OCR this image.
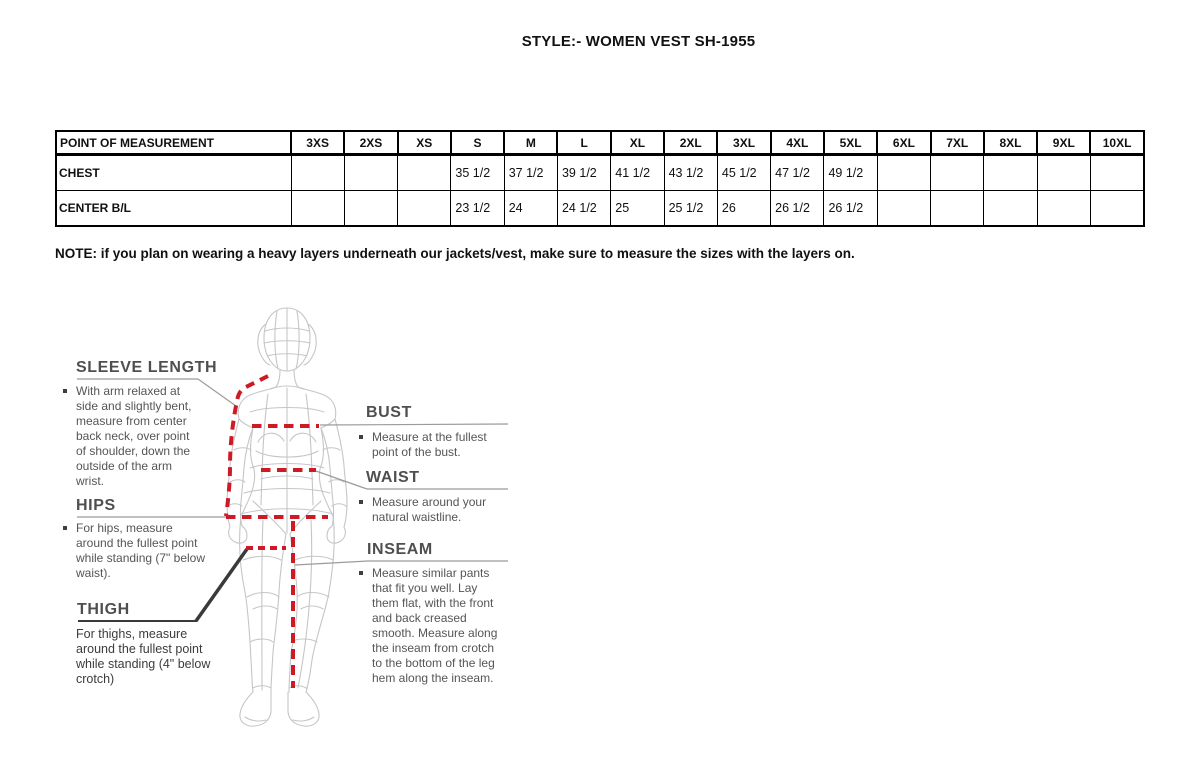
STYLE:- WOMEN VEST SH-1955
POINT OF MEASUREMENT	3XS	2XS	XS	S	M	L	XL	2XL	3XL	4XL	5XL	6XL	7XL	8XL	9XL	10XL
CHEST				35 1/2	37 1/2	39 1/2	41 1/2	43 1/2	45 1/2	47 1/2	49 1/2					
CENTER B/L				23 1/2	24	24 1/2	25	25 1/2	26	26 1/2	26 1/2					

NOTE: if you plan on wearing a heavy layers underneath our jackets/vest, make sure to measure the sizes with the layers on.

SLEEVE LENGTH
HIPS
THIGH
BUST
WAIST
INSEAM
With arm relaxed at side and slightly bent, measure from center back neck, over point of shoulder, down the outside of the arm wrist.
For hips, measure around the fullest point while standing (7" below waist).
For thighs, measure around the fullest point while standing (4" below crotch)
Measure at the fullest point of the bust.
Measure around your natural waistline.
Measure similar pants that fit you well. Lay them flat, with the front and back creased smooth. Measure along the inseam from crotch to the bottom of the leg hem along the inseam.
